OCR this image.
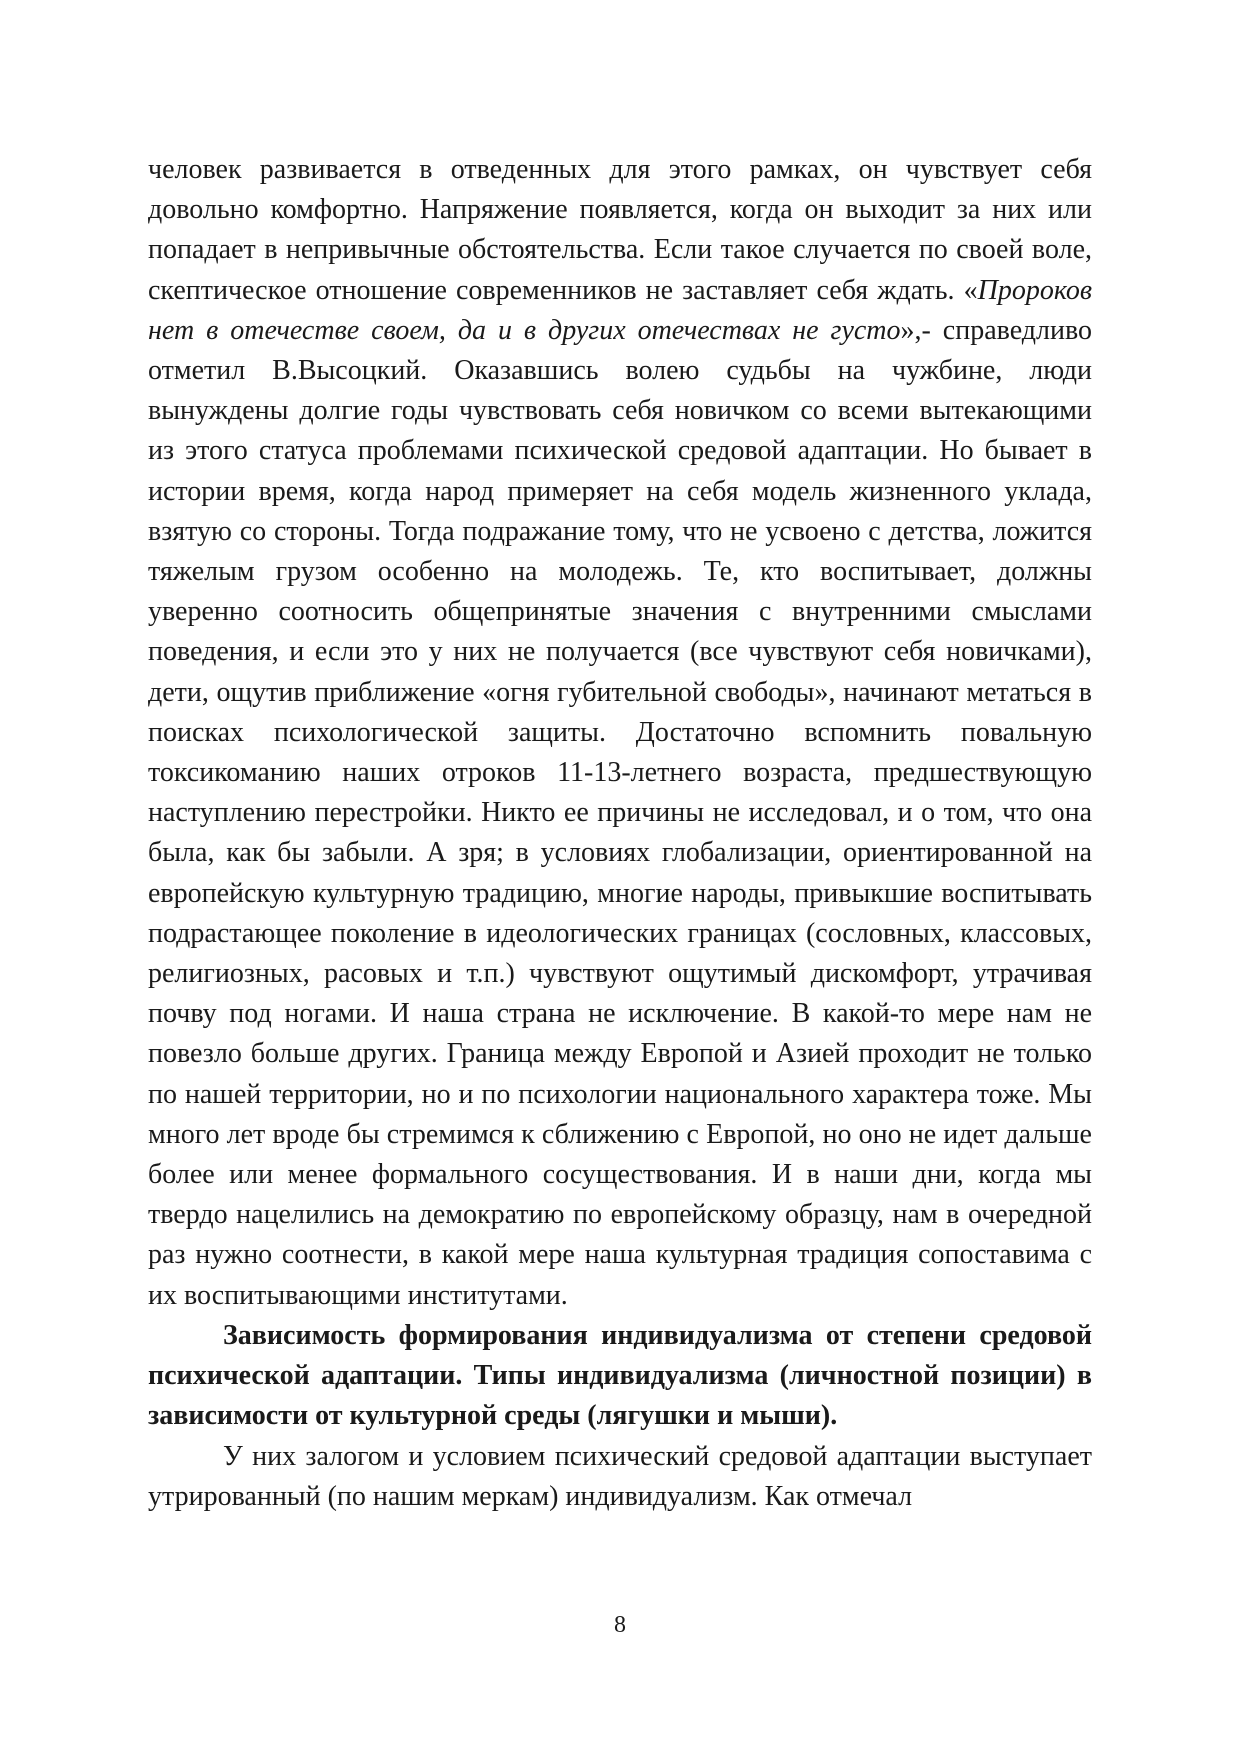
человек развивается в отведенных для этого рамках, он чувствует себя довольно комфортно. Напряжение появляется, когда он выходит за них или попадает в непривычные обстоятельства. Если такое случается по своей воле, скептическое отношение современников не заставляет себя ждать. «Пророков нет в отечестве своем, да и в других отечествах не густо»,- справедливо отметил В.Высоцкий. Оказавшись волею судьбы на чужбине, люди вынуждены долгие годы чувствовать себя новичком со всеми вытекающими из этого статуса проблемами психической средовой адаптации. Но бывает в истории время, когда народ примеряет на себя модель жизненного уклада, взятую со стороны. Тогда подражание тому, что не усвоено с детства, ложится тяжелым грузом особенно на молодежь. Те, кто воспитывает, должны уверенно соотносить общепринятые значения с внутренними смыслами поведения, и если это у них не получается (все чувствуют себя новичками), дети, ощутив приближение «огня губительной свободы», начинают метаться в поисках психологической защиты. Достаточно вспомнить повальную токсикоманию наших отроков 11-13-летнего возраста, предшествующую наступлению перестройки. Никто ее причины не исследовал, и о том, что она была, как бы забыли. А зря; в условиях глобализации, ориентированной на европейскую культурную традицию, многие народы, привыкшие воспитывать подрастающее поколение в идеологических границах (сословных, классовых, религиозных, расовых и т.п.) чувствуют ощутимый дискомфорт, утрачивая почву под ногами. И наша страна не исключение. В какой-то мере нам не повезло больше других. Граница между Европой и Азией проходит не только по нашей территории, но и по психологии национального характера тоже. Мы много лет вроде бы стремимся к сближению с Европой, но оно не идет дальше более или менее формального сосуществования. И в наши дни, когда мы твердо нацелились на демократию по европейскому образцу, нам в очередной раз нужно соотнести, в какой мере наша культурная традиция сопоставима с их воспитывающими институтами.

Зависимость формирования индивидуализма от степени средовой психической адаптации. Типы индивидуализма (личностной позиции) в зависимости от культурной среды (лягушки и мыши).

У них залогом и условием психический средовой адаптации выступает утрированный (по нашим меркам) индивидуализм. Как отмечал

8
